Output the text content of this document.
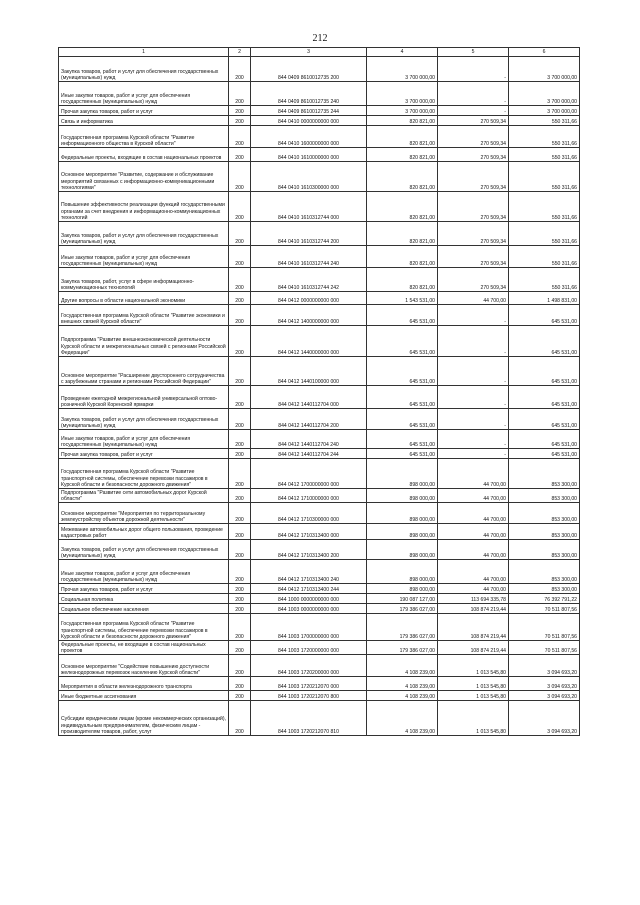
212
1	2	3	4	5	6
Закупка товаров, работ и услуг для обеспечения государственных (муниципальных) нужд	200	844 0409 8610012735 200	3 700 000,00	-	3 700 000,00
Иные закупки товаров, работ и услуг для обеспечения государственных (муниципальных) нужд	200	844 0409 8610012735 240	3 700 000,00	-	3 700 000,00
Прочая закупка товаров, работ и услуг	200	844 0409 8610012735 244	3 700 000,00	-	3 700 000,00
Связь и информатика	200	844 0410 0000000000 000	820 821,00	270 509,34	550 311,66
Государственная программа Курской области "Развитие информационного общества в Курской области"	200	844 0410 1600000000 000	820 821,00	270 509,34	550 311,66
Федеральные проекты, входящие в состав национальных проектов	200	844 0410 1610000000 000	820 821,00	270 509,34	550 311,66
Основное мероприятие "Развитие, содержание и обслуживание мероприятий связанных с информационно-коммуникационными технологиями"	200	844 0410 1610300000 000	820 821,00	270 509,34	550 311,66
Повышение эффективности реализации функций государственными органами за счет внедрения и информационно-коммуникационных технологий	200	844 0410 1610312744 000	820 821,00	270 509,34	550 311,66
Закупка товаров, работ и услуг для обеспечения государственных (муниципальных) нужд	200	844 0410 1610312744 200	820 821,00	270 509,34	550 311,66
Иные закупки товаров, работ и услуг для обеспечения государственных (муниципальных) нужд	200	844 0410 1610312744 240	820 821,00	270 509,34	550 311,66
Закупка товаров, работ, услуг в сфере информационно-коммуникационных технологий	200	844 0410 1610312744 242	820 821,00	270 509,34	550 311,66
Другие вопросы в области национальной экономики	200	844 0412 0000000000 000	1 543 531,00	44 700,00	1 498 831,00
Государственная программа Курской области "Развитие экономики и внешних связей Курской области"	200	844 0412 1400000000 000	645 531,00	-	645 531,00
Подпрограмма "Развитие внешнеэкономической деятельности Курской области и межрегиональных связей с регионами Российской Федерации"	200	844 0412 1440000000 000	645 531,00	-	645 531,00
Основное мероприятие "Расширение двустороннего сотрудничества с зарубежными странами и регионами Российской Федерации"	200	844 0412 1440100000 000	645 531,00	-	645 531,00
Проведение ежегодной межрегиональной универсальной оптово-розничной Курской Коренской ярмарки	200	844 0412 1440112704 000	645 531,00	-	645 531,00
Закупка товаров, работ и услуг для обеспечения государственных (муниципальных) нужд	200	844 0412 1440112704 200	645 531,00	-	645 531,00
Иные закупки товаров, работ и услуг для обеспечения государственных (муниципальных) нужд	200	844 0412 1440112704 240	645 531,00	-	645 531,00
Прочая закупка товаров, работ и услуг	200	844 0412 1440112704 244	645 531,00	-	645 531,00
Государственная программа Курской области "Развитие транспортной системы, обеспечение перевозки пассажиров в Курской области и безопасности дорожного движения"	200	844 0412 1700000000 000	898 000,00	44 700,00	853 300,00
Подпрограмма "Развитие сети автомобильных дорог Курской области"	200	844 0412 1710000000 000	898 000,00	44 700,00	853 300,00
Основное мероприятие "Мероприятия по территориальному землеустройству объектов дорожной деятельности"	200	844 0412 1710300000 000	898 000,00	44 700,00	853 300,00
Межевание автомобильных дорог общего пользования, проведение кадастровых работ	200	844 0412 1710313400 000	898 000,00	44 700,00	853 300,00
Закупка товаров, работ и услуг для обеспечения государственных (муниципальных) нужд	200	844 0412 1710313400 200	898 000,00	44 700,00	853 300,00
Иные закупки товаров, работ и услуг для обеспечения государственных (муниципальных) нужд	200	844 0412 1710313400 240	898 000,00	44 700,00	853 300,00
Прочая закупка товаров, работ и услуг	200	844 0412 1710313400 244	898 000,00	44 700,00	853 300,00
Социальная политика	200	844 1000 0000000000 000	190 087 127,00	113 694 335,78	76 392 791,22
Социальное обеспечение населения	200	844 1003 0000000000 000	179 386 027,00	108 874 219,44	70 511 807,56
Государственная программа Курской области "Развитие транспортной системы, обеспечение перевозки пассажиров в Курской области и безопасности дорожного движения"	200	844 1003 1700000000 000	179 386 027,00	108 874 219,44	70 511 807,56
Федеральные проекты, не входящие в состав национальных проектов	200	844 1003 1720000000 000	179 386 027,00	108 874 219,44	70 511 807,56
Основное мероприятие "Содействие повышению доступности железнодорожных перевозок населению Курской области"	200	844 1003 1720200000 000	4 108 239,00	1 013 545,80	3 094 693,20
Мероприятия в области железнодорожного транспорта	200	844 1003 1720212070 000	4 108 239,00	1 013 545,80	3 094 693,20
Иные бюджетные ассигнования	200	844 1003 1720212070 800	4 108 239,00	1 013 545,80	3 094 693,20
Субсидии юридическим лицам (кроме некоммерческих организаций), индивидуальным предпринимателям, физическим лицам - производителям товаров, работ, услуг	200	844 1003 1720212070 810	4 108 239,00	1 013 545,80	3 094 693,20
